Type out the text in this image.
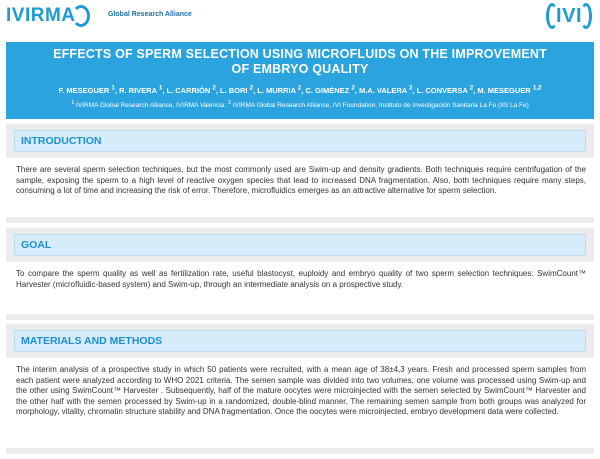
IVIRMA	Global Research Alliance	IVI
EFFECTS OF SPERM SELECTION USING MICROFLUIDS ON THE IMPROVEMENT
OF EMBRYO QUALITY
F. MESEGUER $^1$, R. RIVERA $^1$, L. CARRIÓN $^2$, L. BORI $^2$, L. MURRIA $^2$, C. GIMÉNEZ $^2$, M.A. VALERA $^2$, L. CONVERSA $^2$, M. MESEGUER $^{1,2}$
$^1$ IVIRMA Global Research Alliance, IVIRMA Valencia. $^2$ IVIRMA Global Research Alliance, IVI Foundation, Instituto de Investigación Sanitaria La Fe (IIS La Fe)
INTRODUCTION
There are several sperm selection techniques, but the most commonly used are Swim-up and density gradients. Both techniques require centrifugation of the sample, exposing the sperm to a high level of reactive oxygen species that lead to increased DNA fragmentation. Also, both techniques require many steps, consuming a lot of time and increasing the risk of error. Therefore, microfluidics emerges as an attractive alternative for sperm selection.
GOAL
To compare the sperm quality as well as fertilization rate, useful blastocyst, euploidy and embryo quality of two sperm selection techniques: SwimCount™ Harvester (microfluidic-based system) and Swim-up, through an intermediate analysis on a prospective study.
MATERIALS AND METHODS
The interim analysis of a prospective study in which 50 patients were recruited, with a mean age of 38±4,3 years. Fresh and processed sperm samples from each patient were analyzed according to WHO 2021 criteria. The semen sample was divided into two volumes, one volume was processed using Swim-up and the other using SwimCount™ Harvester . Subsequently, half of the mature oocytes were microinjected with the semen selected by SwimCount™ Harvester and the other half with the semen processed by Swim-up in a randomized, double-blind manner. The remaining semen sample from both groups was analyzed for morphology, vitality, chromatin structure stability and DNA fragmentation. Once the oocytes were microinjected, embryo development data were collected.
